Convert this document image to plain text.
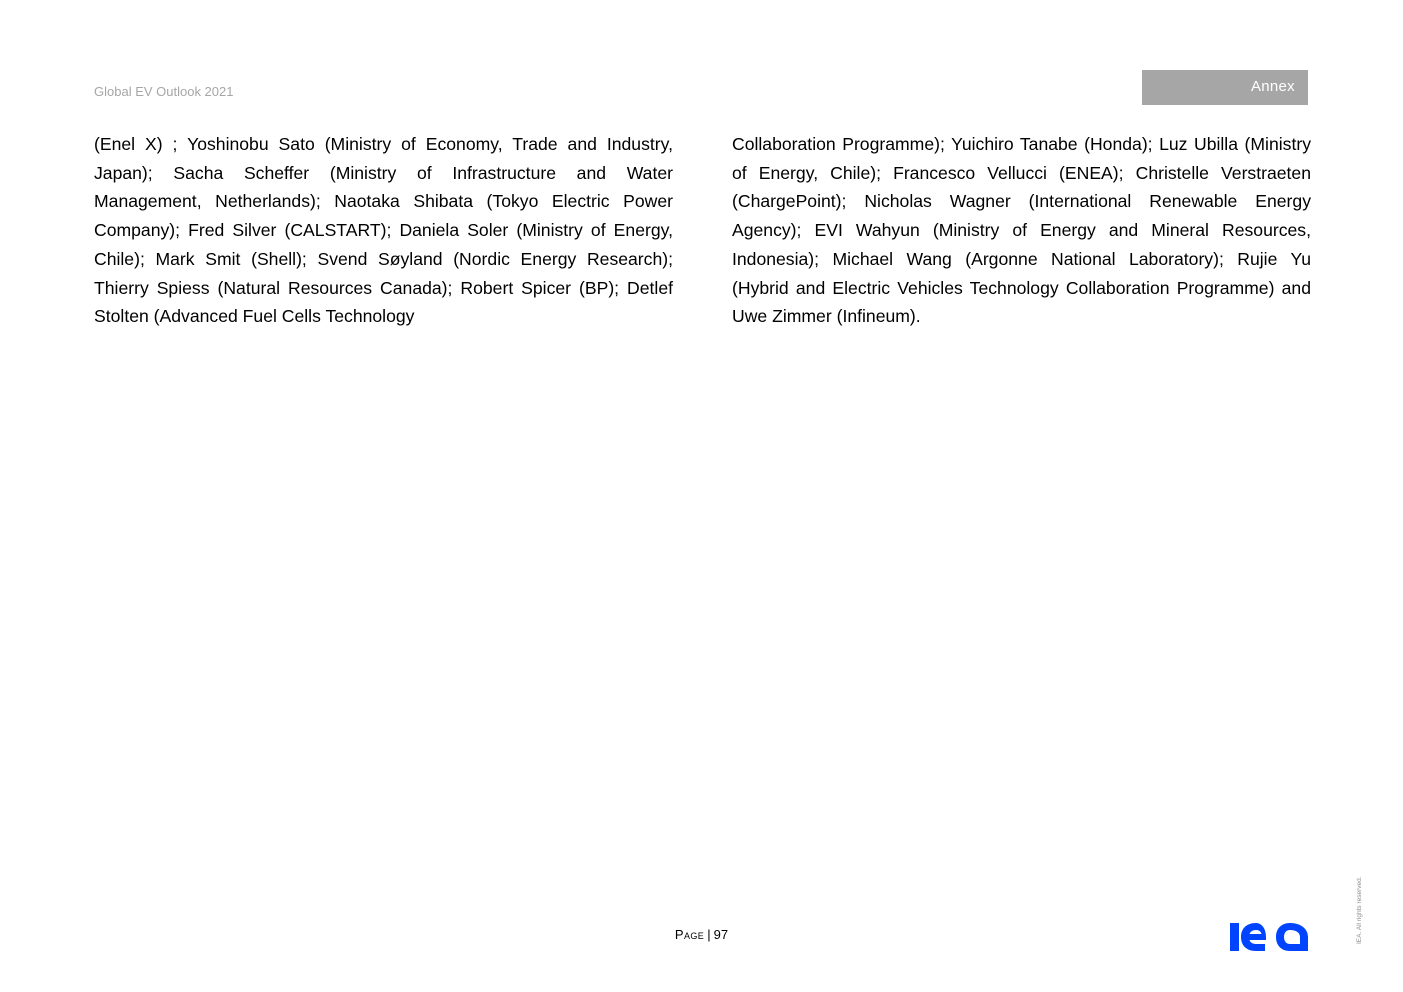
Global EV Outlook 2021	Annex
(Enel X) ; Yoshinobu Sato (Ministry of Economy, Trade and Industry, Japan); Sacha Scheffer (Ministry of Infrastructure and Water Management, Netherlands); Naotaka Shibata (Tokyo Electric Power Company); Fred Silver (CALSTART); Daniela Soler (Ministry of Energy, Chile); Mark Smit (Shell); Svend Søyland (Nordic Energy Research); Thierry Spiess (Natural Resources Canada); Robert Spicer (BP); Detlef Stolten (Advanced Fuel Cells Technology
Collaboration Programme); Yuichiro Tanabe (Honda); Luz Ubilla (Ministry of Energy, Chile); Francesco Vellucci (ENEA); Christelle Verstraeten (ChargePoint); Nicholas Wagner (International Renewable Energy Agency); EVI Wahyun (Ministry of Energy and Mineral Resources, Indonesia); Michael Wang (Argonne National Laboratory); Rujie Yu (Hybrid and Electric Vehicles Technology Collaboration Programme) and Uwe Zimmer (Infineum).
Page | 97	IEA. All rights reserved.
